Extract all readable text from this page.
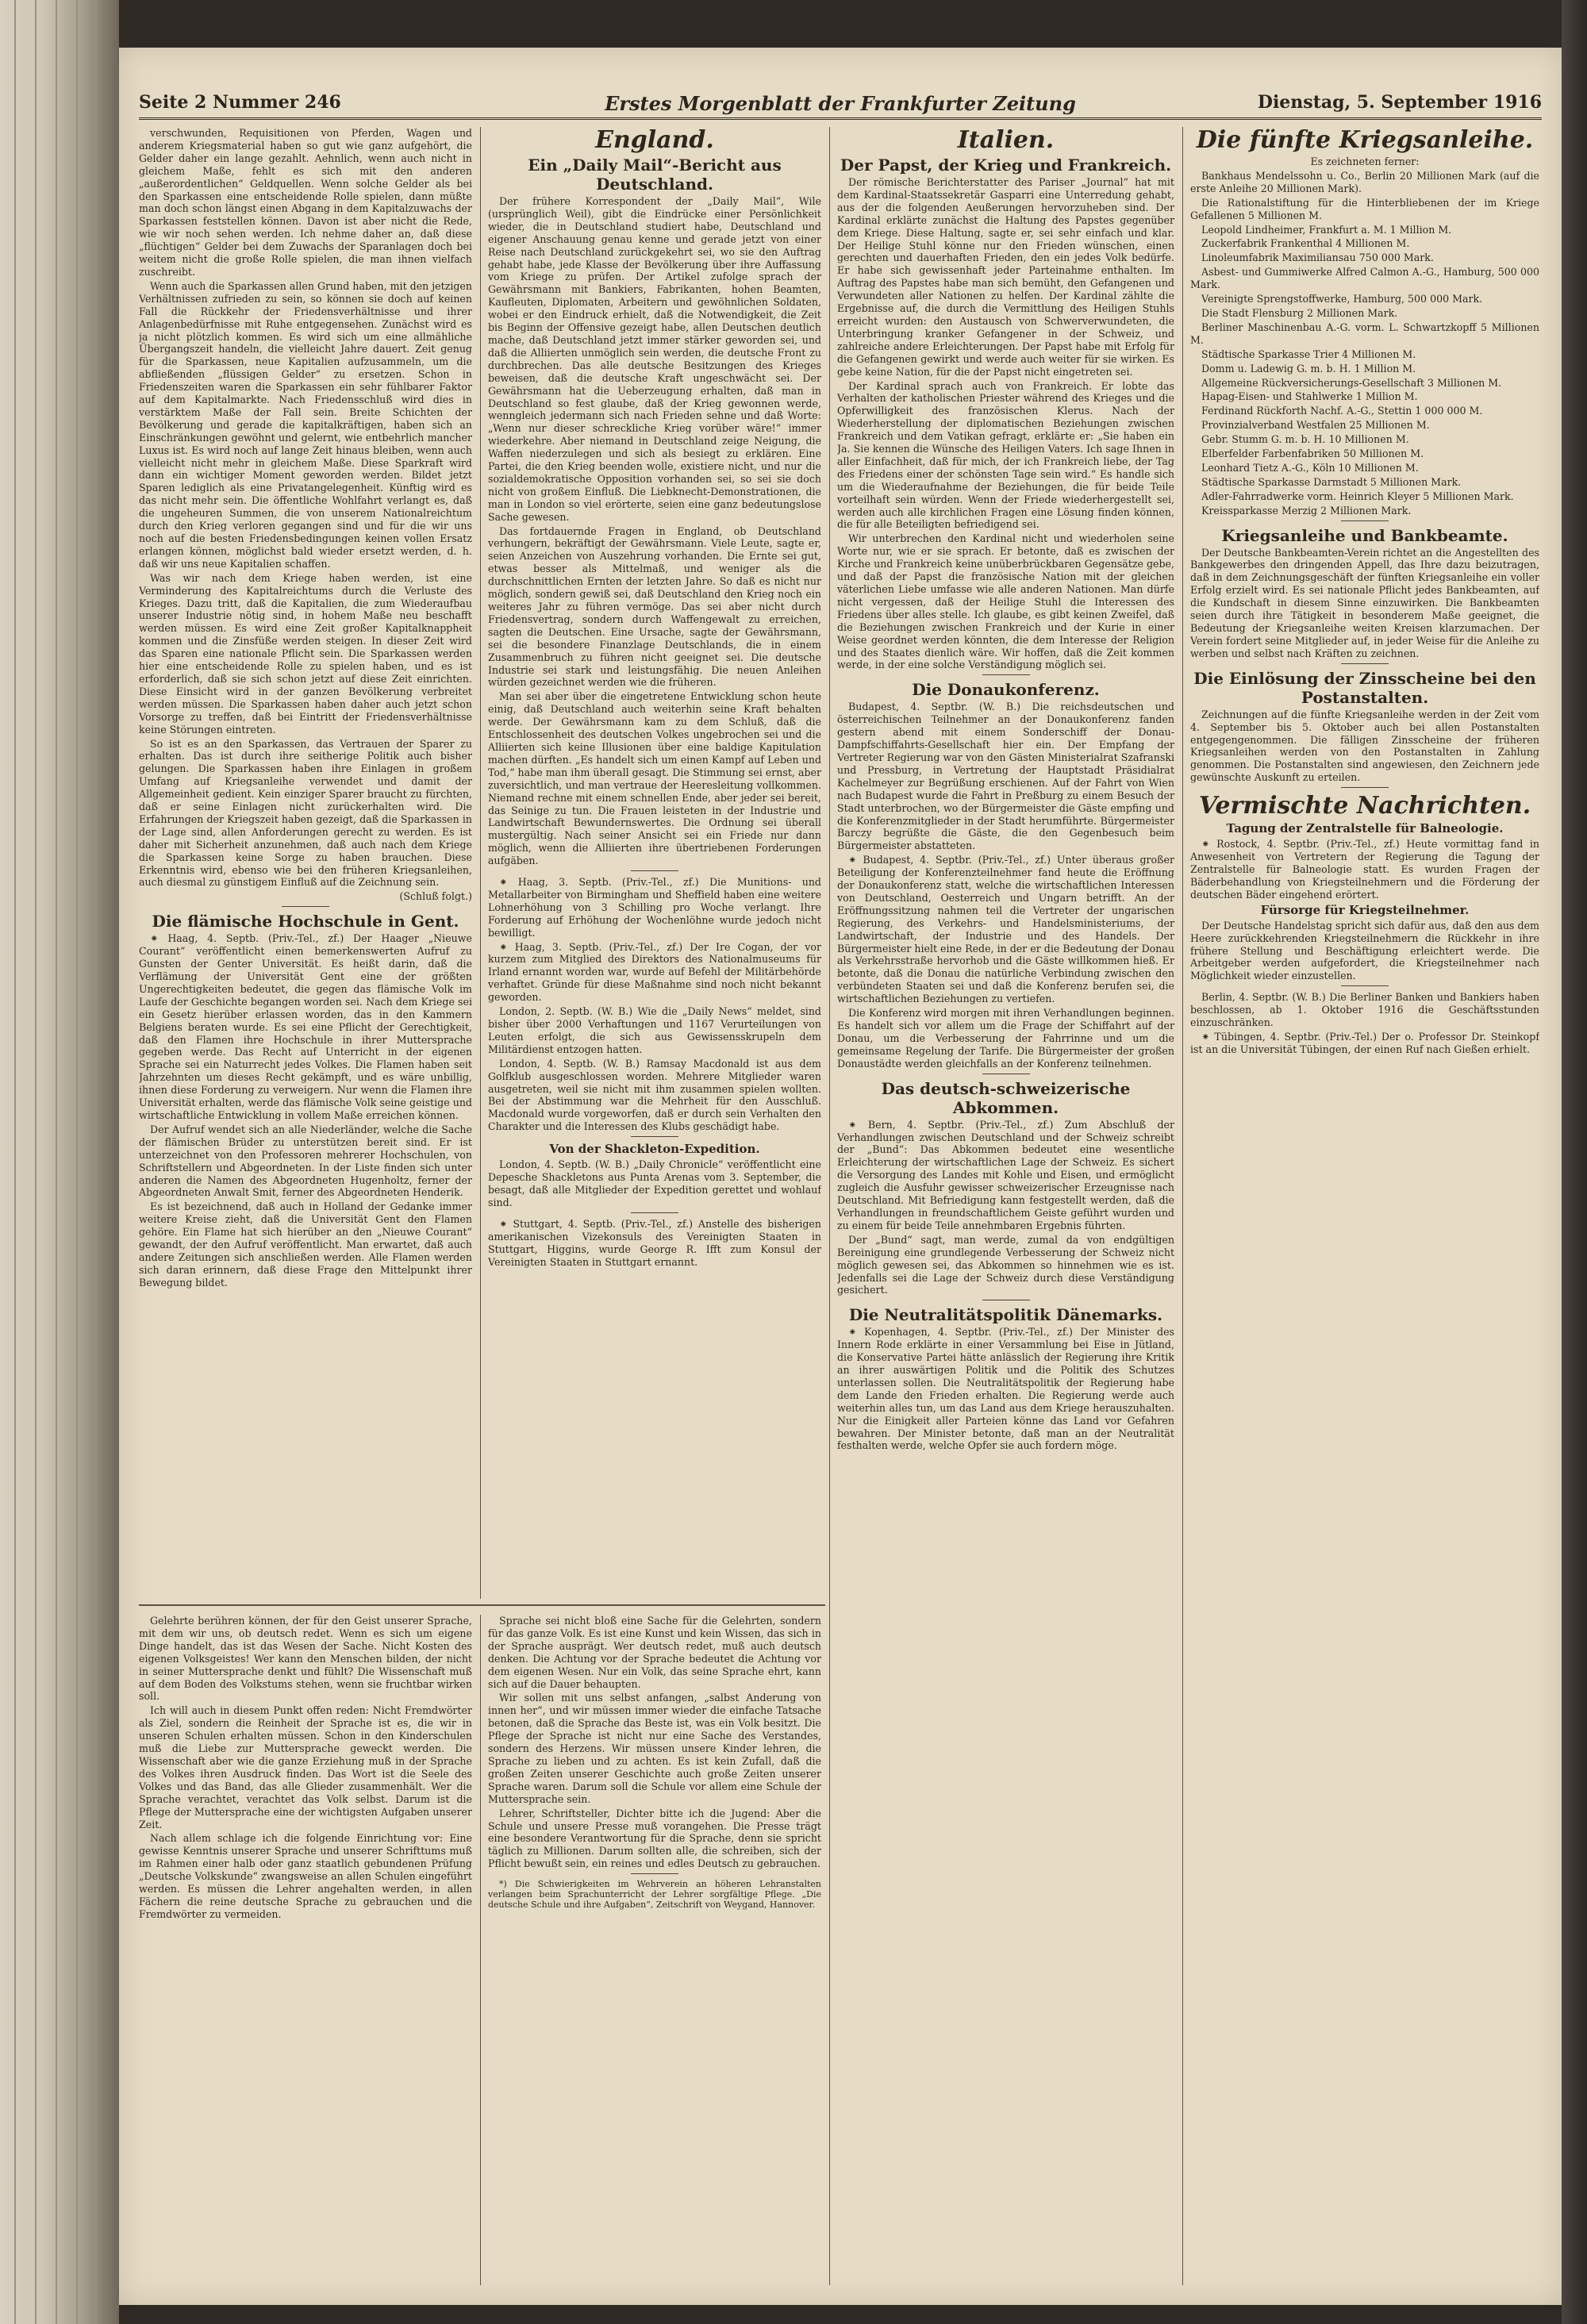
Erstes Morgenblatt der Frankfurter Zeitung
Seite 2 Nummer 246	Dienstag, 5. September 1916

verschwunden, Requisitionen von Pferden, Wagen und anderem Kriegsmaterial haben so gut wie ganz aufgehört, die Gelder daher ein lange gezahlt. Aehnlich, wenn auch nicht in gleichem Maße, fehlt es sich mit den anderen „außerordentlichen“ Geldquellen. Wenn solche Gelder als bei den Sparkassen eine entscheidende Rolle spielen, dann müßte man doch schon längst einen Abgang in dem Kapitalzuwachs der Sparkassen feststellen können. Davon ist aber nicht die Rede, wie wir noch sehen werden. Ich nehme daher an, daß diese „flüchtigen“ Gelder bei dem Zuwachs der Sparanlagen doch bei weitem nicht die große Rolle spielen, die man ihnen vielfach zuschreibt.

Wenn auch die Sparkassen allen Grund haben, mit den jetzigen Verhältnissen zufrieden zu sein, so können sie doch auf keinen Fall die Rückkehr der Friedensverhältnisse und ihrer Anlagenbedürfnisse mit Ruhe entgegensehen. Zunächst wird es ja nicht plötzlich kommen. Es wird sich um eine allmähliche Übergangszeit handeln, die vielleicht Jahre dauert. Zeit genug für die Sparkassen, neue Kapitalien aufzusammeln, um die abfließenden „flüssigen Gelder“ zu ersetzen. Schon in Friedenszeiten waren die Sparkassen ein sehr fühlbarer Faktor auf dem Kapitalmarkte. Nach Friedensschluß wird dies in verstärktem Maße der Fall sein. Breite Schichten der Bevölkerung und gerade die kapitalkräftigen, haben sich an Einschränkungen gewöhnt und gelernt, wie entbehrlich mancher Luxus ist. Es wird noch auf lange Zeit hinaus bleiben, wenn auch vielleicht nicht mehr in gleichem Maße. Diese Sparkraft wird dann ein wichtiger Moment geworden werden. Bildet jetzt Sparen lediglich als eine Privatangelegenheit. Künftig wird es das nicht mehr sein. Die öffentliche Wohlfahrt verlangt es, daß die ungeheuren Summen, die von unserem Nationalreichtum durch den Krieg verloren gegangen sind und für die wir uns noch auf die besten Friedensbedingungen keinen vollen Ersatz erlangen können, möglichst bald wieder ersetzt werden, d. h. daß wir uns neue Kapitalien schaffen.

Was wir nach dem Kriege haben werden, ist eine Verminderung des Kapitalreichtums durch die Verluste des Krieges. Dazu tritt, daß die Kapitalien, die zum Wiederaufbau unserer Industrie nötig sind, in hohem Maße neu beschafft werden müssen. Es wird eine Zeit großer Kapitalknappheit kommen und die Zinsfüße werden steigen. In dieser Zeit wird das Sparen eine nationale Pflicht sein. Die Sparkassen werden hier eine entscheidende Rolle zu spielen haben, und es ist erforderlich, daß sie sich schon jetzt auf diese Zeit einrichten. Diese Einsicht wird in der ganzen Bevölkerung verbreitet werden müssen. Die Sparkassen haben daher auch jetzt schon Vorsorge zu treffen, daß bei Eintritt der Friedensverhältnisse keine Störungen eintreten.

So ist es an den Sparkassen, das Vertrauen der Sparer zu erhalten. Das ist durch ihre seitherige Politik auch bisher gelungen. Die Sparkassen haben ihre Einlagen in großem Umfang auf Kriegsanleihe verwendet und damit der Allgemeinheit gedient. Kein einziger Sparer braucht zu fürchten, daß er seine Einlagen nicht zurückerhalten wird. Die Erfahrungen der Kriegszeit haben gezeigt, daß die Sparkassen in der Lage sind, allen Anforderungen gerecht zu werden. Es ist daher mit Sicherheit anzunehmen, daß auch nach dem Kriege die Sparkassen keine Sorge zu haben brauchen. Diese Erkenntnis wird, ebenso wie bei den früheren Kriegsanleihen, auch diesmal zu günstigem Einfluß auf die Zeichnung sein.

(Schluß folgt.)

Die flämische Hochschule in Gent.

⁕ Haag, 4. Septb. (Priv.-Tel., zf.) Der Haager „Nieuwe Courant“ veröffentlicht einen bemerkenswerten Aufruf zu Gunsten der Genter Universität. Es heißt darin, daß die Verflämung der Universität Gent eine der größten Ungerechtigkeiten bedeutet, die gegen das flämische Volk im Laufe der Geschichte begangen worden sei. Nach dem Kriege sei ein Gesetz hierüber erlassen worden, das in den Kammern Belgiens beraten wurde. Es sei eine Pflicht der Gerechtigkeit, daß den Flamen ihre Hochschule in ihrer Muttersprache gegeben werde. Das Recht auf Unterricht in der eigenen Sprache sei ein Naturrecht jedes Volkes. Die Flamen haben seit Jahrzehnten um dieses Recht gekämpft, und es wäre unbillig, ihnen diese Forderung zu verweigern. Nur wenn die Flamen ihre Universität erhalten, werde das flämische Volk seine geistige und wirtschaftliche Entwicklung in vollem Maße erreichen können.

Der Aufruf wendet sich an alle Niederländer, welche die Sache der flämischen Brüder zu unterstützen bereit sind. Er ist unterzeichnet von den Professoren mehrerer Hochschulen, von Schriftstellern und Abgeordneten. In der Liste finden sich unter anderen die Namen des Abgeordneten Hugenholtz, ferner der Abgeordneten Anwalt Smit, ferner des Abgeordneten Henderik.

Es ist bezeichnend, daß auch in Holland der Gedanke immer weitere Kreise zieht, daß die Universität Gent den Flamen gehöre. Ein Flame hat sich hierüber an den „Nieuwe Courant“ gewandt, der den Aufruf veröffentlicht. Man erwartet, daß auch andere Zeitungen sich anschließen werden. Alle Flamen werden sich daran erinnern, daß diese Frage den Mittelpunkt ihrer Bewegung bildet.

England.

Ein „Daily Mail“-Bericht aus Deutschland.

Der frühere Korrespondent der „Daily Mail“, Wile (ursprünglich Weil), gibt die Eindrücke einer Persönlichkeit wieder, die in Deutschland studiert habe, Deutschland und eigener Anschauung genau kenne und gerade jetzt von einer Reise nach Deutschland zurückgekehrt sei, wo sie den Auftrag gehabt habe, jede Klasse der Bevölkerung über ihre Auffassung vom Kriege zu prüfen. Der Artikel zufolge sprach der Gewährsmann mit Bankiers, Fabrikanten, hohen Beamten, Kaufleuten, Diplomaten, Arbeitern und gewöhnlichen Soldaten, wobei er den Eindruck erhielt, daß die Notwendigkeit, die Zeit bis Beginn der Offensive gezeigt habe, allen Deutschen deutlich mache, daß Deutschland jetzt immer stärker geworden sei, und daß die Alliierten unmöglich sein werden, die deutsche Front zu durchbrechen. Das alle deutsche Besitzungen des Krieges beweisen, daß die deutsche Kraft ungeschwächt sei. Der Gewährsmann hat die Ueberzeugung erhalten, daß man in Deutschland so fest glaube, daß der Krieg gewonnen werde, wenngleich jedermann sich nach Frieden sehne und daß Worte: „Wenn nur dieser schreckliche Krieg vorüber wäre!“ immer wiederkehre. Aber niemand in Deutschland zeige Neigung, die Waffen niederzulegen und sich als besiegt zu erklären. Eine Partei, die den Krieg beenden wolle, existiere nicht, und nur die sozialdemokratische Opposition vorhanden sei, so sei sie doch nicht von großem Einfluß. Die Liebknecht-Demonstrationen, die man in London so viel erörterte, seien eine ganz bedeutungslose Sache gewesen.

Das fortdauernde Fragen in England, ob Deutschland verhungern, bekräftigt der Gewährsmann. Viele Leute, sagte er, seien Anzeichen von Auszehrung vorhanden. Die Ernte sei gut, etwas besser als Mittelmaß, und weniger als die durchschnittlichen Ernten der letzten Jahre. So daß es nicht nur möglich, sondern gewiß sei, daß Deutschland den Krieg noch ein weiteres Jahr zu führen vermöge. Das sei aber nicht durch Friedensvertrag, sondern durch Waffengewalt zu erreichen, sagten die Deutschen. Eine Ursache, sagte der Gewährsmann, sei die besondere Finanzlage Deutschlands, die in einem Zusammenbruch zu führen nicht geeignet sei. Die deutsche Industrie sei stark und leistungsfähig. Die neuen Anleihen würden gezeichnet werden wie die früheren.

Man sei aber über die eingetretene Entwicklung schon heute einig, daß Deutschland auch weiterhin seine Kraft behalten werde. Der Gewährsmann kam zu dem Schluß, daß die Entschlossenheit des deutschen Volkes ungebrochen sei und die Alliierten sich keine Illusionen über eine baldige Kapitulation machen dürften. „Es handelt sich um einen Kampf auf Leben und Tod,“ habe man ihm überall gesagt. Die Stimmung sei ernst, aber zuversichtlich, und man vertraue der Heeresleitung vollkommen. Niemand rechne mit einem schnellen Ende, aber jeder sei bereit, das Seinige zu tun. Die Frauen leisteten in der Industrie und Landwirtschaft Bewundernswertes. Die Ordnung sei überall mustergültig. Nach seiner Ansicht sei ein Friede nur dann möglich, wenn die Alliierten ihre übertriebenen Forderungen aufgäben.

⁕ Haag, 3. Septb. (Priv.-Tel., zf.) Die Munitions- und Metallarbeiter von Birmingham und Sheffield haben eine weitere Lohnerhöhung von 3 Schilling pro Woche verlangt. Ihre Forderung auf Erhöhung der Wochenlöhne wurde jedoch nicht bewilligt.

⁕ Haag, 3. Septb. (Priv.-Tel., zf.) Der Ire Cogan, der vor kurzem zum Mitglied des Direktors des Nationalmuseums für Irland ernannt worden war, wurde auf Befehl der Militärbehörde verhaftet. Gründe für diese Maßnahme sind noch nicht bekannt geworden.

London, 2. Septb. (W. B.) Wie die „Daily News“ meldet, sind bisher über 2000 Verhaftungen und 1167 Verurteilungen von Leuten erfolgt, die sich aus Gewissensskrupeln dem Militärdienst entzogen hatten.

London, 4. Septb. (W. B.) Ramsay Macdonald ist aus dem Golfklub ausgeschlossen worden. Mehrere Mitglieder waren ausgetreten, weil sie nicht mit ihm zusammen spielen wollten. Bei der Abstimmung war die Mehrheit für den Ausschluß. Macdonald wurde vorgeworfen, daß er durch sein Verhalten den Charakter und die Interessen des Klubs geschädigt habe.

Von der Shackleton-Expedition.

London, 4. Septb. (W. B.) „Daily Chronicle“ veröffentlicht eine Depesche Shackletons aus Punta Arenas vom 3. September, die besagt, daß alle Mitglieder der Expedition gerettet und wohlauf sind.

⁕ Stuttgart, 4. Septb. (Priv.-Tel., zf.) Anstelle des bisherigen amerikanischen Vizekonsuls des Vereinigten Staaten in Stuttgart, Higgins, wurde George R. Ifft zum Konsul der Vereinigten Staaten in Stuttgart ernannt.

Italien.

Der Papst, der Krieg und Frankreich.

Der römische Berichterstatter des Pariser „Journal“ hat mit dem Kardinal-Staatssekretär Gasparri eine Unterredung gehabt, aus der die folgenden Aeußerungen hervorzuheben sind. Der Kardinal erklärte zunächst die Haltung des Papstes gegenüber dem Kriege. Diese Haltung, sagte er, sei sehr einfach und klar. Der Heilige Stuhl könne nur den Frieden wünschen, einen gerechten und dauerhaften Frieden, den ein jedes Volk bedürfe. Er habe sich gewissenhaft jeder Parteinahme enthalten. Im Auftrag des Papstes habe man sich bemüht, den Gefangenen und Verwundeten aller Nationen zu helfen. Der Kardinal zählte die Ergebnisse auf, die durch die Vermittlung des Heiligen Stuhls erreicht wurden: den Austausch von Schwerverwundeten, die Unterbringung kranker Gefangener in der Schweiz, und zahlreiche andere Erleichterungen. Der Papst habe mit Erfolg für die Gefangenen gewirkt und werde auch weiter für sie wirken. Es gebe keine Nation, für die der Papst nicht eingetreten sei.

Der Kardinal sprach auch von Frankreich. Er lobte das Verhalten der katholischen Priester während des Krieges und die Opferwilligkeit des französischen Klerus. Nach der Wiederherstellung der diplomatischen Beziehungen zwischen Frankreich und dem Vatikan gefragt, erklärte er: „Sie haben ein Ja. Sie kennen die Wünsche des Heiligen Vaters. Ich sage Ihnen in aller Einfachheit, daß für mich, der ich Frankreich liebe, der Tag des Friedens einer der schönsten Tage sein wird.“ Es handle sich um die Wiederaufnahme der Beziehungen, die für beide Teile vorteilhaft sein würden. Wenn der Friede wiederhergestellt sei, werden auch alle kirchlichen Fragen eine Lösung finden können, die für alle Beteiligten befriedigend sei.

Wir unterbrechen den Kardinal nicht und wiederholen seine Worte nur, wie er sie sprach. Er betonte, daß es zwischen der Kirche und Frankreich keine unüberbrückbaren Gegensätze gebe, und daß der Papst die französische Nation mit der gleichen väterlichen Liebe umfasse wie alle anderen Nationen. Man dürfe nicht vergessen, daß der Heilige Stuhl die Interessen des Friedens über alles stelle. Ich glaube, es gibt keinen Zweifel, daß die Beziehungen zwischen Frankreich und der Kurie in einer Weise geordnet werden könnten, die dem Interesse der Religion und des Staates dienlich wäre. Wir hoffen, daß die Zeit kommen werde, in der eine solche Verständigung möglich sei.

Die Donaukonferenz.

Budapest, 4. Septbr. (W. B.) Die reichsdeutschen und österreichischen Teilnehmer an der Donaukonferenz fanden gestern abend mit einem Sonderschiff der Donau-Dampfschiffahrts-Gesellschaft hier ein. Der Empfang der Vertreter Regierung war von den Gästen Ministerialrat Szafranski und Pressburg, in Vertretung der Hauptstadt Präsidialrat Kachelmeyer zur Begrüßung erschienen. Auf der Fahrt von Wien nach Budapest wurde die Fahrt in Preßburg zu einem Besuch der Stadt unterbrochen, wo der Bürgermeister die Gäste empfing und die Konferenzmitglieder in der Stadt herumführte. Bürgermeister Barczy begrüßte die Gäste, die den Gegenbesuch beim Bürgermeister abstatteten.

⁕ Budapest, 4. Septbr. (Priv.-Tel., zf.) Unter überaus großer Beteiligung der Konferenzteilnehmer fand heute die Eröffnung der Donaukonferenz statt, welche die wirtschaftlichen Interessen von Deutschland, Oesterreich und Ungarn betrifft. An der Eröffnungssitzung nahmen teil die Vertreter der ungarischen Regierung, des Verkehrs- und Handelsministeriums, der Landwirtschaft, der Industrie und des Handels. Der Bürgermeister hielt eine Rede, in der er die Bedeutung der Donau als Verkehrsstraße hervorhob und die Gäste willkommen hieß. Er betonte, daß die Donau die natürliche Verbindung zwischen den verbündeten Staaten sei und daß die Konferenz berufen sei, die wirtschaftlichen Beziehungen zu vertiefen.

Die Konferenz wird morgen mit ihren Verhandlungen beginnen. Es handelt sich vor allem um die Frage der Schiffahrt auf der Donau, um die Verbesserung der Fahrrinne und um die gemeinsame Regelung der Tarife. Die Bürgermeister der großen Donaustädte werden gleichfalls an der Konferenz teilnehmen.

Das deutsch-schweizerische Abkommen.

⁕ Bern, 4. Septbr. (Priv.-Tel., zf.) Zum Abschluß der Verhandlungen zwischen Deutschland und der Schweiz schreibt der „Bund“: Das Abkommen bedeutet eine wesentliche Erleichterung der wirtschaftlichen Lage der Schweiz. Es sichert die Versorgung des Landes mit Kohle und Eisen, und ermöglicht zugleich die Ausfuhr gewisser schweizerischer Erzeugnisse nach Deutschland. Mit Befriedigung kann festgestellt werden, daß die Verhandlungen in freundschaftlichem Geiste geführt wurden und zu einem für beide Teile annehmbaren Ergebnis führten.

Der „Bund“ sagt, man werde, zumal da von endgültigen Bereinigung eine grundlegende Verbesserung der Schweiz nicht möglich gewesen sei, das Abkommen so hinnehmen wie es ist. Jedenfalls sei die Lage der Schweiz durch diese Verständigung gesichert.

Die Neutralitätspolitik Dänemarks.

⁕ Kopenhagen, 4. Septbr. (Priv.-Tel., zf.) Der Minister des Innern Rode erklärte in einer Versammlung bei Eise in Jütland, die Konservative Partei hätte anlässlich der Regierung ihre Kritik an ihrer auswärtigen Politik und die Politik des Schutzes unterlassen sollen. Die Neutralitätspolitik der Regierung habe dem Lande den Frieden erhalten. Die Regierung werde auch weiterhin alles tun, um das Land aus dem Kriege herauszuhalten. Nur die Einigkeit aller Parteien könne das Land vor Gefahren bewahren. Der Minister betonte, daß man an der Neutralität festhalten werde, welche Opfer sie auch fordern möge.

Die fünfte Kriegsanleihe.

Es zeichneten ferner:

Bankhaus Mendelssohn u. Co., Berlin 20 Millionen Mark (auf die erste Anleihe 20 Millionen Mark).

Die Rationalstiftung für die Hinterbliebenen der im Kriege Gefallenen 5 Millionen M.

Leopold Lindheimer, Frankfurt a. M. 1 Million M.

Zuckerfabrik Frankenthal 4 Millionen M.

Linoleumfabrik Maximiliansau 750 000 Mark.

Asbest- und Gummiwerke Alfred Calmon A.-G., Hamburg, 500 000 Mark.

Vereinigte Sprengstoffwerke, Hamburg, 500 000 Mark.

Die Stadt Flensburg 2 Millionen Mark.

Berliner Maschinenbau A.-G. vorm. L. Schwartzkopff 5 Millionen M.

Städtische Sparkasse Trier 4 Millionen M.

Domm u. Ladewig G. m. b. H. 1 Million M.

Allgemeine Rückversicherungs-Gesellschaft 3 Millionen M.

Hapag-Eisen- und Stahlwerke 1 Million M.

Ferdinand Rückforth Nachf. A.-G., Stettin 1 000 000 M.

Provinzialverband Westfalen 25 Millionen M.

Gebr. Stumm G. m. b. H. 10 Millionen M.

Elberfelder Farbenfabriken 50 Millionen M.

Leonhard Tietz A.-G., Köln 10 Millionen M.

Städtische Sparkasse Darmstadt 5 Millionen Mark.

Adler-Fahrradwerke vorm. Heinrich Kleyer 5 Millionen Mark.

Kreissparkasse Merzig 2 Millionen Mark.

Kriegsanleihe und Bankbeamte.

Der Deutsche Bankbeamten-Verein richtet an die Angestellten des Bankgewerbes den dringenden Appell, das Ihre dazu beizutragen, daß in dem Zeichnungsgeschäft der fünften Kriegsanleihe ein voller Erfolg erzielt wird. Es sei nationale Pflicht jedes Bankbeamten, auf die Kundschaft in diesem Sinne einzuwirken. Die Bankbeamten seien durch ihre Tätigkeit in besonderem Maße geeignet, die Bedeutung der Kriegsanleihe weiten Kreisen klarzumachen. Der Verein fordert seine Mitglieder auf, in jeder Weise für die Anleihe zu werben und selbst nach Kräften zu zeichnen.

Die Einlösung der Zinsscheine bei den Postanstalten.

Zeichnungen auf die fünfte Kriegsanleihe werden in der Zeit vom 4. September bis 5. Oktober auch bei allen Postanstalten entgegengenommen. Die fälligen Zinsscheine der früheren Kriegsanleihen werden von den Postanstalten in Zahlung genommen. Die Postanstalten sind angewiesen, den Zeichnern jede gewünschte Auskunft zu erteilen.

Vermischte Nachrichten.

Tagung der Zentralstelle für Balneologie.

⁕ Rostock, 4. Septbr. (Priv.-Tel., zf.) Heute vormittag fand in Anwesenheit von Vertretern der Regierung die Tagung der Zentralstelle für Balneologie statt. Es wurden Fragen der Bäderbehandlung von Kriegsteilnehmern und die Förderung der deutschen Bäder eingehend erörtert.

Fürsorge für Kriegsteilnehmer.

Der Deutsche Handelstag spricht sich dafür aus, daß den aus dem Heere zurückkehrenden Kriegsteilnehmern die Rückkehr in ihre frühere Stellung und Beschäftigung erleichtert werde. Die Arbeitgeber werden aufgefordert, die Kriegsteilnehmer nach Möglichkeit wieder einzustellen.

Berlin, 4. Septbr. (W. B.) Die Berliner Banken und Bankiers haben beschlossen, ab 1. Oktober 1916 die Geschäftsstunden einzuschränken.

⁕ Tübingen, 4. Septbr. (Priv.-Tel.) Der o. Professor Dr. Steinkopf ist an die Universität Tübingen, der einen Ruf nach Gießen erhielt.

Gelehrte berühren können, der für den Geist unserer Sprache, mit dem wir uns, ob deutsch redet. Wenn es sich um eigene Dinge handelt, das ist das Wesen der Sache. Nicht Kosten des eigenen Volksgeistes! Wer kann den Menschen bilden, der nicht in seiner Muttersprache denkt und fühlt? Die Wissenschaft muß auf dem Boden des Volkstums stehen, wenn sie fruchtbar wirken soll.

Ich will auch in diesem Punkt offen reden: Nicht Fremdwörter als Ziel, sondern die Reinheit der Sprache ist es, die wir in unseren Schulen erhalten müssen. Schon in den Kinderschulen muß die Liebe zur Muttersprache geweckt werden. Die Wissenschaft aber wie die ganze Erziehung muß in der Sprache des Volkes ihren Ausdruck finden. Das Wort ist die Seele des Volkes und das Band, das alle Glieder zusammenhält. Wer die Sprache verachtet, verachtet das Volk selbst. Darum ist die Pflege der Muttersprache eine der wichtigsten Aufgaben unserer Zeit.

Nach allem schlage ich die folgende Einrichtung vor: Eine gewisse Kenntnis unserer Sprache und unserer Schrifttums muß im Rahmen einer halb oder ganz staatlich gebundenen Prüfung „Deutsche Volkskunde“ zwangsweise an allen Schulen eingeführt werden. Es müssen die Lehrer angehalten werden, in allen Fächern die reine deutsche Sprache zu gebrauchen und die Fremdwörter zu vermeiden.

Sprache sei nicht bloß eine Sache für die Gelehrten, sondern für das ganze Volk. Es ist eine Kunst und kein Wissen, das sich in der Sprache ausprägt. Wer deutsch redet, muß auch deutsch denken. Die Achtung vor der Sprache bedeutet die Achtung vor dem eigenen Wesen. Nur ein Volk, das seine Sprache ehrt, kann sich auf die Dauer behaupten.

Wir sollen mit uns selbst anfangen, „salbst Anderung von innen her“, und wir müssen immer wieder die einfache Tatsache betonen, daß die Sprache das Beste ist, was ein Volk besitzt. Die Pflege der Sprache ist nicht nur eine Sache des Verstandes, sondern des Herzens. Wir müssen unsere Kinder lehren, die Sprache zu lieben und zu achten. Es ist kein Zufall, daß die großen Zeiten unserer Geschichte auch große Zeiten unserer Sprache waren. Darum soll die Schule vor allem eine Schule der Muttersprache sein.

Lehrer, Schriftsteller, Dichter bitte ich die Jugend: Aber die Schule und unsere Presse muß vorangehen. Die Presse trägt eine besondere Verantwortung für die Sprache, denn sie spricht täglich zu Millionen. Darum sollten alle, die schreiben, sich der Pflicht bewußt sein, ein reines und edles Deutsch zu gebrauchen.

*) Die Schwierigkeiten im Wehrverein an höheren Lehranstalten verlangen beim Sprachunterricht der Lehrer sorgfältige Pflege. „Die deutsche Schule und ihre Aufgaben“, Zeitschrift von Weygand, Hannover.
